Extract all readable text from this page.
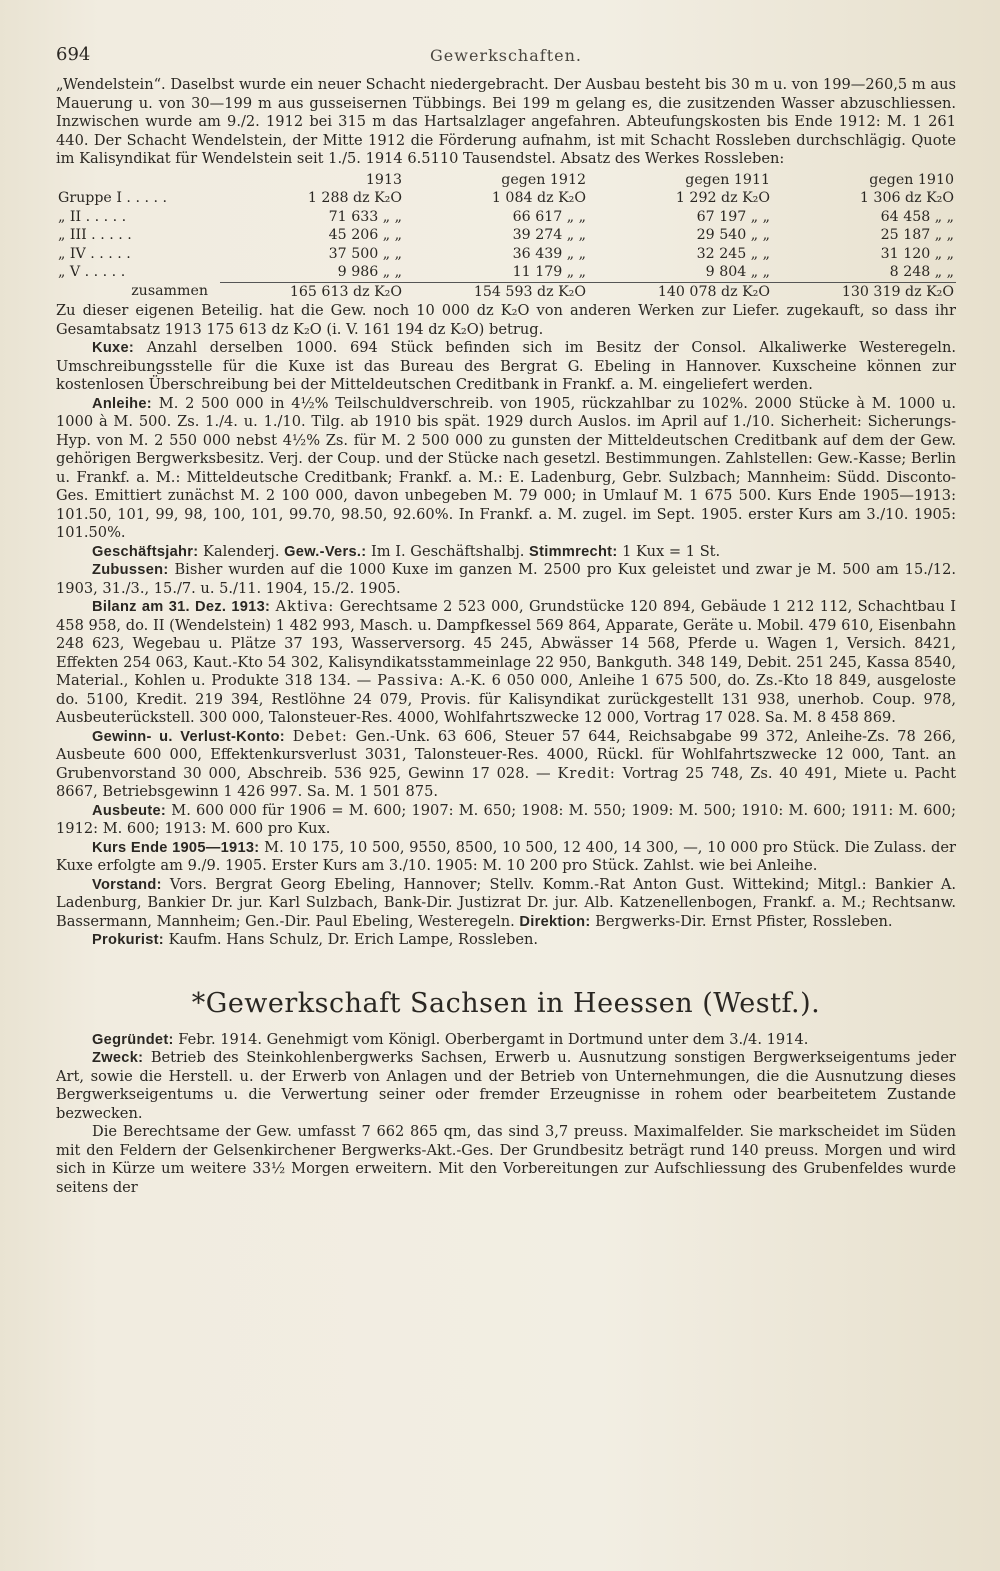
694	Gewerkschaften.

„Wendelstein“. Daselbst wurde ein neuer Schacht niedergebracht. Der Ausbau besteht bis 30 m u. von 199—260,5 m aus Mauerung u. von 30—199 m aus gusseisernen Tübbings. Bei 199 m gelang es, die zusitzenden Wasser abzuschliessen. Inzwischen wurde am 9./2. 1912 bei 315 m das Hartsalzlager angefahren. Abteufungskosten bis Ende 1912: M. 1 261 440. Der Schacht Wendelstein, der Mitte 1912 die Förderung aufnahm, ist mit Schacht Rossleben durchschlägig. Quote im Kalisyndikat für Wendelstein seit 1./5. 1914 6.5110 Tausendstel. Absatz des Werkes Rossleben:

	1913	gegen 1912	gegen 1911	gegen 1910
Gruppe I . . . . .	1 288 dz K₂O	1 084 dz K₂O	1 292 dz K₂O	1 306 dz K₂O
„ II . . . . .	71 633 „ „	66 617 „ „	67 197 „ „	64 458 „ „
„ III . . . . .	45 206 „ „	39 274 „ „	29 540 „ „	25 187 „ „
„ IV . . . . .	37 500 „ „	36 439 „ „	32 245 „ „	31 120 „ „
„ V . . . . .	9 986 „ „	11 179 „ „	9 804 „ „	8 248 „ „
zusammen	165 613 dz K₂O	154 593 dz K₂O	140 078 dz K₂O	130 319 dz K₂O

Zu dieser eigenen Beteilig. hat die Gew. noch 10 000 dz K₂O von anderen Werken zur Liefer. zugekauft, so dass ihr Gesamtabsatz 1913 175 613 dz K₂O (i. V. 161 194 dz K₂O) betrug.

Kuxe: Anzahl derselben 1000. 694 Stück befinden sich im Besitz der Consol. Alkaliwerke Westeregeln. Umschreibungsstelle für die Kuxe ist das Bureau des Bergrat G. Ebeling in Hannover. Kuxscheine können zur kostenlosen Überschreibung bei der Mitteldeutschen Creditbank in Frankf. a. M. eingeliefert werden.

Anleihe: M. 2 500 000 in 4½% Teilschuldverschreib. von 1905, rückzahlbar zu 102%. 2000 Stücke à M. 1000 u. 1000 à M. 500. Zs. 1./4. u. 1./10. Tilg. ab 1910 bis spät. 1929 durch Auslos. im April auf 1./10. Sicherheit: Sicherungs-Hyp. von M. 2 550 000 nebst 4½% Zs. für M. 2 500 000 zu gunsten der Mitteldeutschen Creditbank auf dem der Gew. gehörigen Bergwerksbesitz. Verj. der Coup. und der Stücke nach gesetzl. Bestimmungen. Zahlstellen: Gew.-Kasse; Berlin u. Frankf. a. M.: Mitteldeutsche Creditbank; Frankf. a. M.: E. Ladenburg, Gebr. Sulzbach; Mannheim: Südd. Disconto-Ges. Emittiert zunächst M. 2 100 000, davon unbegeben M. 79 000; in Umlauf M. 1 675 500. Kurs Ende 1905—1913: 101.50, 101, 99, 98, 100, 101, 99.70, 98.50, 92.60%. In Frankf. a. M. zugel. im Sept. 1905. erster Kurs am 3./10. 1905: 101.50%.

Geschäftsjahr: Kalenderj. Gew.-Vers.: Im I. Geschäftshalbj. Stimmrecht: 1 Kux = 1 St.

Zubussen: Bisher wurden auf die 1000 Kuxe im ganzen M. 2500 pro Kux geleistet und zwar je M. 500 am 15./12. 1903, 31./3., 15./7. u. 5./11. 1904, 15./2. 1905.

Bilanz am 31. Dez. 1913: Aktiva: Gerechtsame 2 523 000, Grundstücke 120 894, Gebäude 1 212 112, Schachtbau I 458 958, do. II (Wendelstein) 1 482 993, Masch. u. Dampfkessel 569 864, Apparate, Geräte u. Mobil. 479 610, Eisenbahn 248 623, Wegebau u. Plätze 37 193, Wasserversorg. 45 245, Abwässer 14 568, Pferde u. Wagen 1, Versich. 8421, Effekten 254 063, Kaut.-Kto 54 302, Kalisyndikatsstammeinlage 22 950, Bankguth. 348 149, Debit. 251 245, Kassa 8540, Material., Kohlen u. Produkte 318 134. — Passiva: A.-K. 6 050 000, Anleihe 1 675 500, do. Zs.-Kto 18 849, ausgeloste do. 5100, Kredit. 219 394, Restlöhne 24 079, Provis. für Kalisyndikat zurückgestellt 131 938, unerhob. Coup. 978, Ausbeuterückstell. 300 000, Talonsteuer-Res. 4000, Wohlfahrtszwecke 12 000, Vortrag 17 028. Sa. M. 8 458 869.

Gewinn- u. Verlust-Konto: Debet: Gen.-Unk. 63 606, Steuer 57 644, Reichsabgabe 99 372, Anleihe-Zs. 78 266, Ausbeute 600 000, Effektenkursverlust 3031, Talonsteuer-Res. 4000, Rückl. für Wohlfahrtszwecke 12 000, Tant. an Grubenvorstand 30 000, Abschreib. 536 925, Gewinn 17 028. — Kredit: Vortrag 25 748, Zs. 40 491, Miete u. Pacht 8667, Betriebsgewinn 1 426 997. Sa. M. 1 501 875.

Ausbeute: M. 600 000 für 1906 = M. 600; 1907: M. 650; 1908: M. 550; 1909: M. 500; 1910: M. 600; 1911: M. 600; 1912: M. 600; 1913: M. 600 pro Kux.

Kurs Ende 1905—1913: M. 10 175, 10 500, 9550, 8500, 10 500, 12 400, 14 300, —, 10 000 pro Stück. Die Zulass. der Kuxe erfolgte am 9./9. 1905. Erster Kurs am 3./10. 1905: M. 10 200 pro Stück. Zahlst. wie bei Anleihe.

Vorstand: Vors. Bergrat Georg Ebeling, Hannover; Stellv. Komm.-Rat Anton Gust. Wittekind; Mitgl.: Bankier A. Ladenburg, Bankier Dr. jur. Karl Sulzbach, Bank-Dir. Justizrat Dr. jur. Alb. Katzenellenbogen, Frankf. a. M.; Rechtsanw. Bassermann, Mannheim; Gen.-Dir. Paul Ebeling, Westeregeln. Direktion: Bergwerks-Dir. Ernst Pfister, Rossleben.

Prokurist: Kaufm. Hans Schulz, Dr. Erich Lampe, Rossleben.

*Gewerkschaft Sachsen in Heessen (Westf.).

Gegründet: Febr. 1914. Genehmigt vom Königl. Oberbergamt in Dortmund unter dem 3./4. 1914.

Zweck: Betrieb des Steinkohlenbergwerks Sachsen, Erwerb u. Ausnutzung sonstigen Bergwerkseigentums jeder Art, sowie die Herstell. u. der Erwerb von Anlagen und der Betrieb von Unternehmungen, die die Ausnutzung dieses Bergwerkseigentums u. die Verwertung seiner oder fremder Erzeugnisse in rohem oder bearbeitetem Zustande bezwecken.

Die Berechtsame der Gew. umfasst 7 662 865 qm, das sind 3,7 preuss. Maximalfelder. Sie markscheidet im Süden mit den Feldern der Gelsenkirchener Bergwerks-Akt.-Ges. Der Grundbesitz beträgt rund 140 preuss. Morgen und wird sich in Kürze um weitere 33½ Morgen erweitern. Mit den Vorbereitungen zur Aufschliessung des Grubenfeldes wurde seitens der
